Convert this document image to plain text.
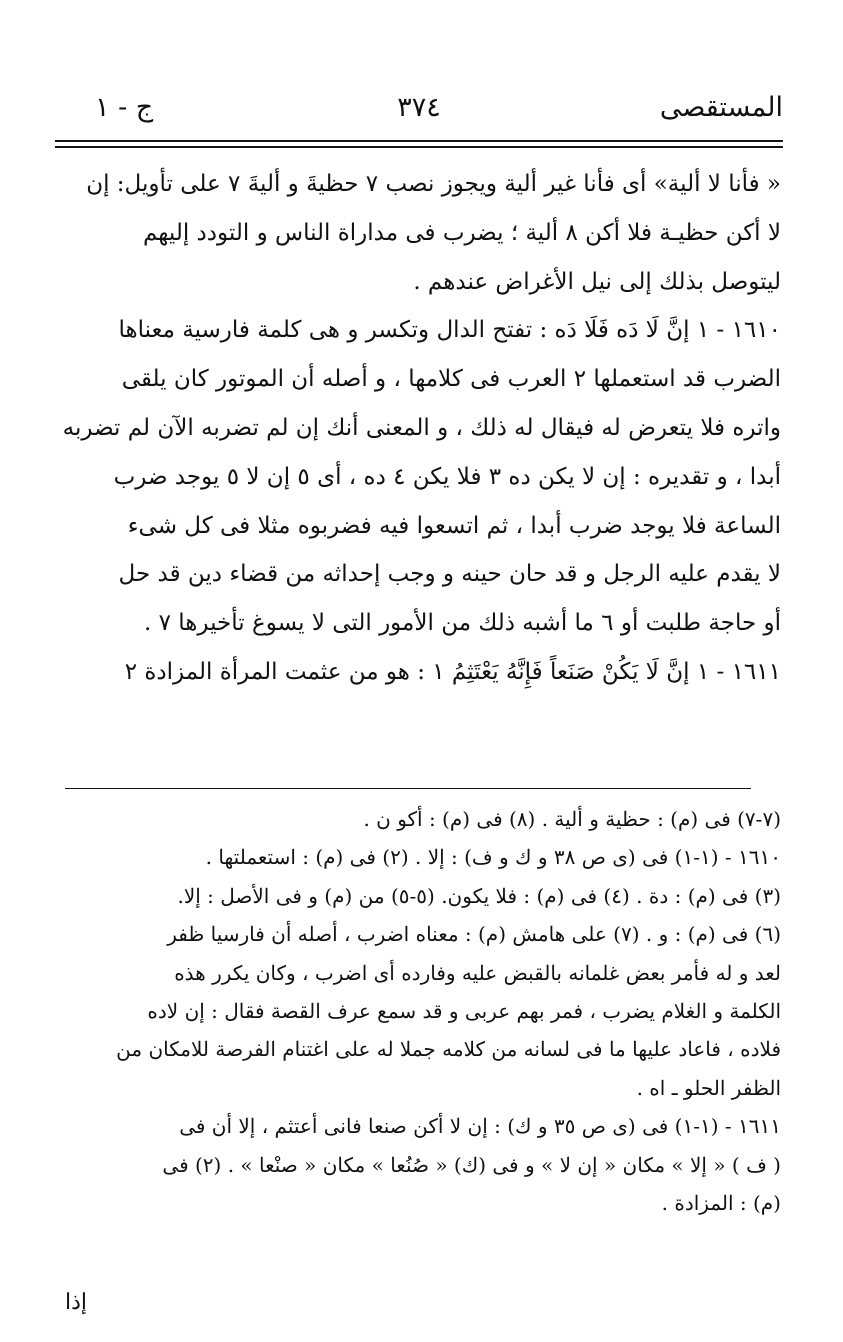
المستقصى
٣٧٤
ج - ١

« فأنا لا ألية» أى فأنا غير ألية ويجوز نصب ٧ حظيةَ و أليةَ ٧ على تأويل: إن

لا أكن حظيـة فلا أكن ٨ ألية ؛ يضرب فى مداراة الناس و التودد إليهم

ليتوصل بذلك إلى نيل الأغراض عندهم .

١٦١٠ - ١ إنَّ لَا دَه فَلَا دَه : تفتح الدال وتكسر و هى كلمة فارسية معناها

الضرب قد استعملها ٢ العرب فى كلامها ، و أصله أن الموتور كان يلقى

واتره فلا يتعرض له فيقال له ذلك ، و المعنى أنك إن لم تضربه الآن لم تضربه

أبدا ، و تقديره : إن لا يكن ده ٣ فلا يكن ٤ ده ، أى ٥ إن لا ٥ يوجد ضرب

الساعة فلا يوجد ضرب أبدا ، ثم اتسعوا فيه فضربوه مثلا فى كل شىء

لا يقدم عليه الرجل و قد حان حينه و وجب إحداثه من قضاء دين قد حل

أو حاجة طلبت أو ٦ ما أشبه ذلك من الأمور التى لا يسوغ تأخيرها ٧ .

١٦١١ - ١ إنَّ لَا يَكُنْ صَنَعاً فَإِنَّهُ يَعْتَثِمُ ١ : هو من عثمت المرأة المزادة ٢

(٧-٧) فى (م) : حظية و ألية . (٨) فى (م) : أكو ن .

١٦١٠ - (١-١) فى (ى ص ٣٨ و ك و ف) : إلا . (٢) فى (م) : استعملتها .

(٣) فى (م) : دة . (٤) فى (م) : فلا يكون. (٥-٥) من (م) و فى الأصل : إلا.

(٦) فى (م) : و . (٧) على هامش (م) : معناه اضرب ، أصله أن فارسيا ظفر

لعد و له فأمر بعض غلمانه بالقبض عليه وفارده أى اضرب ، وكان يكرر هذه

الكلمة و الغلام يضرب ، فمر بهم عربى و قد سمع عرف القصة فقال : إن لاده

فلاده ، فاعاد عليها ما فى لسانه من كلامه جملا له على اغتنام الفرصة للامكان من

الظفر الحلو ـ اه .

١٦١١ - (١-١) فى (ى ص ٣٥ و ك) : إن لا أكن صنعا فانى أعتثم ، إلا أن فى

( ف ) « إلا » مكان « إن لا » و فى (ك) « صُنُعا » مكان « صنْعا » . (٢) فى

(م) : المزادة .

إذا
